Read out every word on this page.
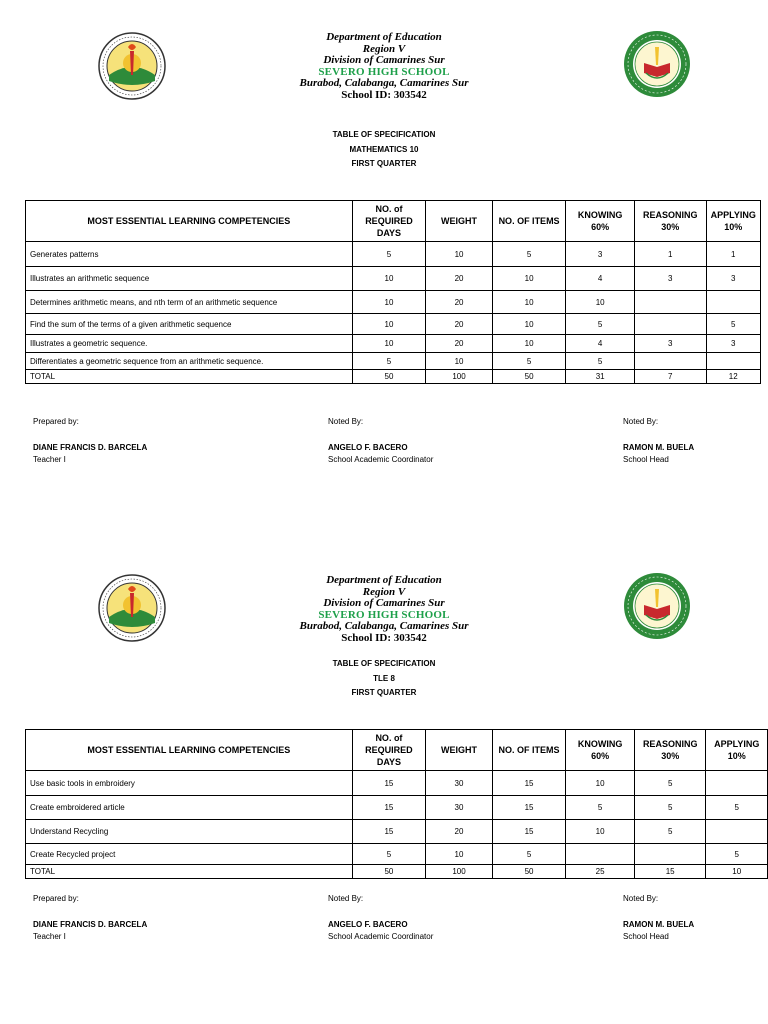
Department of Education
Region V
Division of Camarines Sur
SEVERO HIGH SCHOOL
Burabod, Calabanga, Camarines Sur
School ID: 303542
TABLE OF SPECIFICATION
MATHEMATICS 10
FIRST QUARTER
MOST ESSENTIAL LEARNING COMPETENCIES	NO. of REQUIRED DAYS	WEIGHT	NO. OF ITEMS	KNOWING 60%	REASONING 30%	APPLYING 10%
Generates patterns	5	10	5	3	1	1
Illustrates an arithmetic sequence	10	20	10	4	3	3
Determines arithmetic means, and nth term of an arithmetic sequence	10	20	10	10		
Find the sum of the terms of a given arithmetic sequence	10	20	10	5		5
Illustrates a geometric sequence.	10	20	10	4	3	3
Differentiates a geometric sequence from an arithmetic sequence.	5	10	5	5		
TOTAL	50	100	50	31	7	12
Prepared by:
DIANE FRANCIS D. BARCELA
Teacher I
Noted By:
ANGELO F. BACERO
School Academic Coordinator
Noted By:
RAMON M. BUELA
School Head
Department of Education
Region V
Division of Camarines Sur
SEVERO HIGH SCHOOL
Burabod, Calabanga, Camarines Sur
School ID: 303542
TABLE OF SPECIFICATION
TLE 8
FIRST QUARTER
MOST ESSENTIAL LEARNING COMPETENCIES	NO. of REQUIRED DAYS	WEIGHT	NO. OF ITEMS	KNOWING 60%	REASONING 30%	APPLYING 10%
Use basic tools in embroidery	15	30	15	10	5	
Create embroidered article	15	30	15	5	5	5
Understand Recycling	15	20	15	10	5	
Create Recycled project	5	10	5			5
TOTAL	50	100	50	25	15	10
Prepared by:
DIANE FRANCIS D. BARCELA
Teacher I
Noted By:
ANGELO F. BACERO
School Academic Coordinator
Noted By:
RAMON M. BUELA
School Head
